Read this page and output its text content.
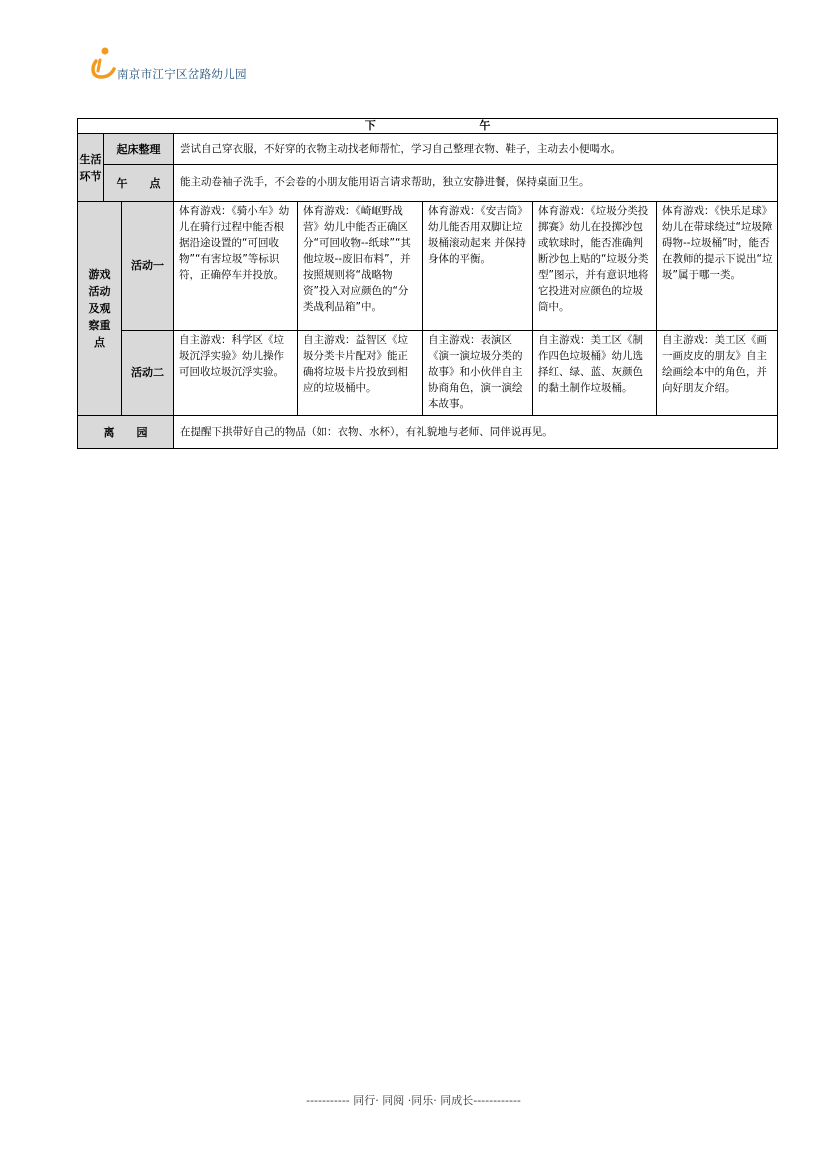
南京市江宁区岔路幼儿园
下 午							
生活环节	起床整理		尝试自己穿衣服，不好穿的衣物主动找老师帮忙，学习自己整理衣物、鞋子，主动去小便喝水。				
	午　　点		能主动卷袖子洗手，不会卷的小朋友能用语言请求帮助，独立安静进餐，保持桌面卫生。				
游戏活动及观察重点		活动一	体育游戏：《骑小车》幼儿在骑行过程中能否根据沿途设置的“可回收物”“有害垃圾”等标识符，正确停车并投放。	体育游戏：《崎岖野战营》幼儿中能否正确区分“可回收物--纸球”“其他垃圾--废旧布料”，并按照规则将“战略物资”投入对应颜色的“分类战利品箱”中。	体育游戏：《安吉筒》幼儿能否用双脚让垃圾桶滚动起来 并保持身体的平衡。	体育游戏：《垃圾分类投掷赛》幼儿在投掷沙包或软球时，能否准确判断沙包上贴的“垃圾分类型”图示，并有意识地将它投进对应颜色的垃圾筒中。	体育游戏：《快乐足球》幼儿在带球绕过“垃圾障碍物--垃圾桶”时，能否在教师的提示下说出“垃圾”属于哪一类。
		活动二	自主游戏：科学区《垃圾沉浮实验》幼儿操作可回收垃圾沉浮实验。	自主游戏：益智区《垃圾分类卡片配对》能正确将垃圾卡片投放到相应的垃圾桶中。	自主游戏：表演区《演一演垃圾分类的故事》和小伙伴自主协商角色，演一演绘本故事。	自主游戏：美工区《制作四色垃圾桶》幼儿选择红、绿、蓝、灰颜色的黏土制作垃圾桶。	自主游戏：美工区《画一画皮皮的朋友》自主绘画绘本中的角色，并向好朋友介绍。
离　　园			在提醒下拱带好自己的物品（如：衣物、水杯），有礼貌地与老师、同伴说再见。				
----------- 同行· 同阅 ·同乐· 同成长------------
